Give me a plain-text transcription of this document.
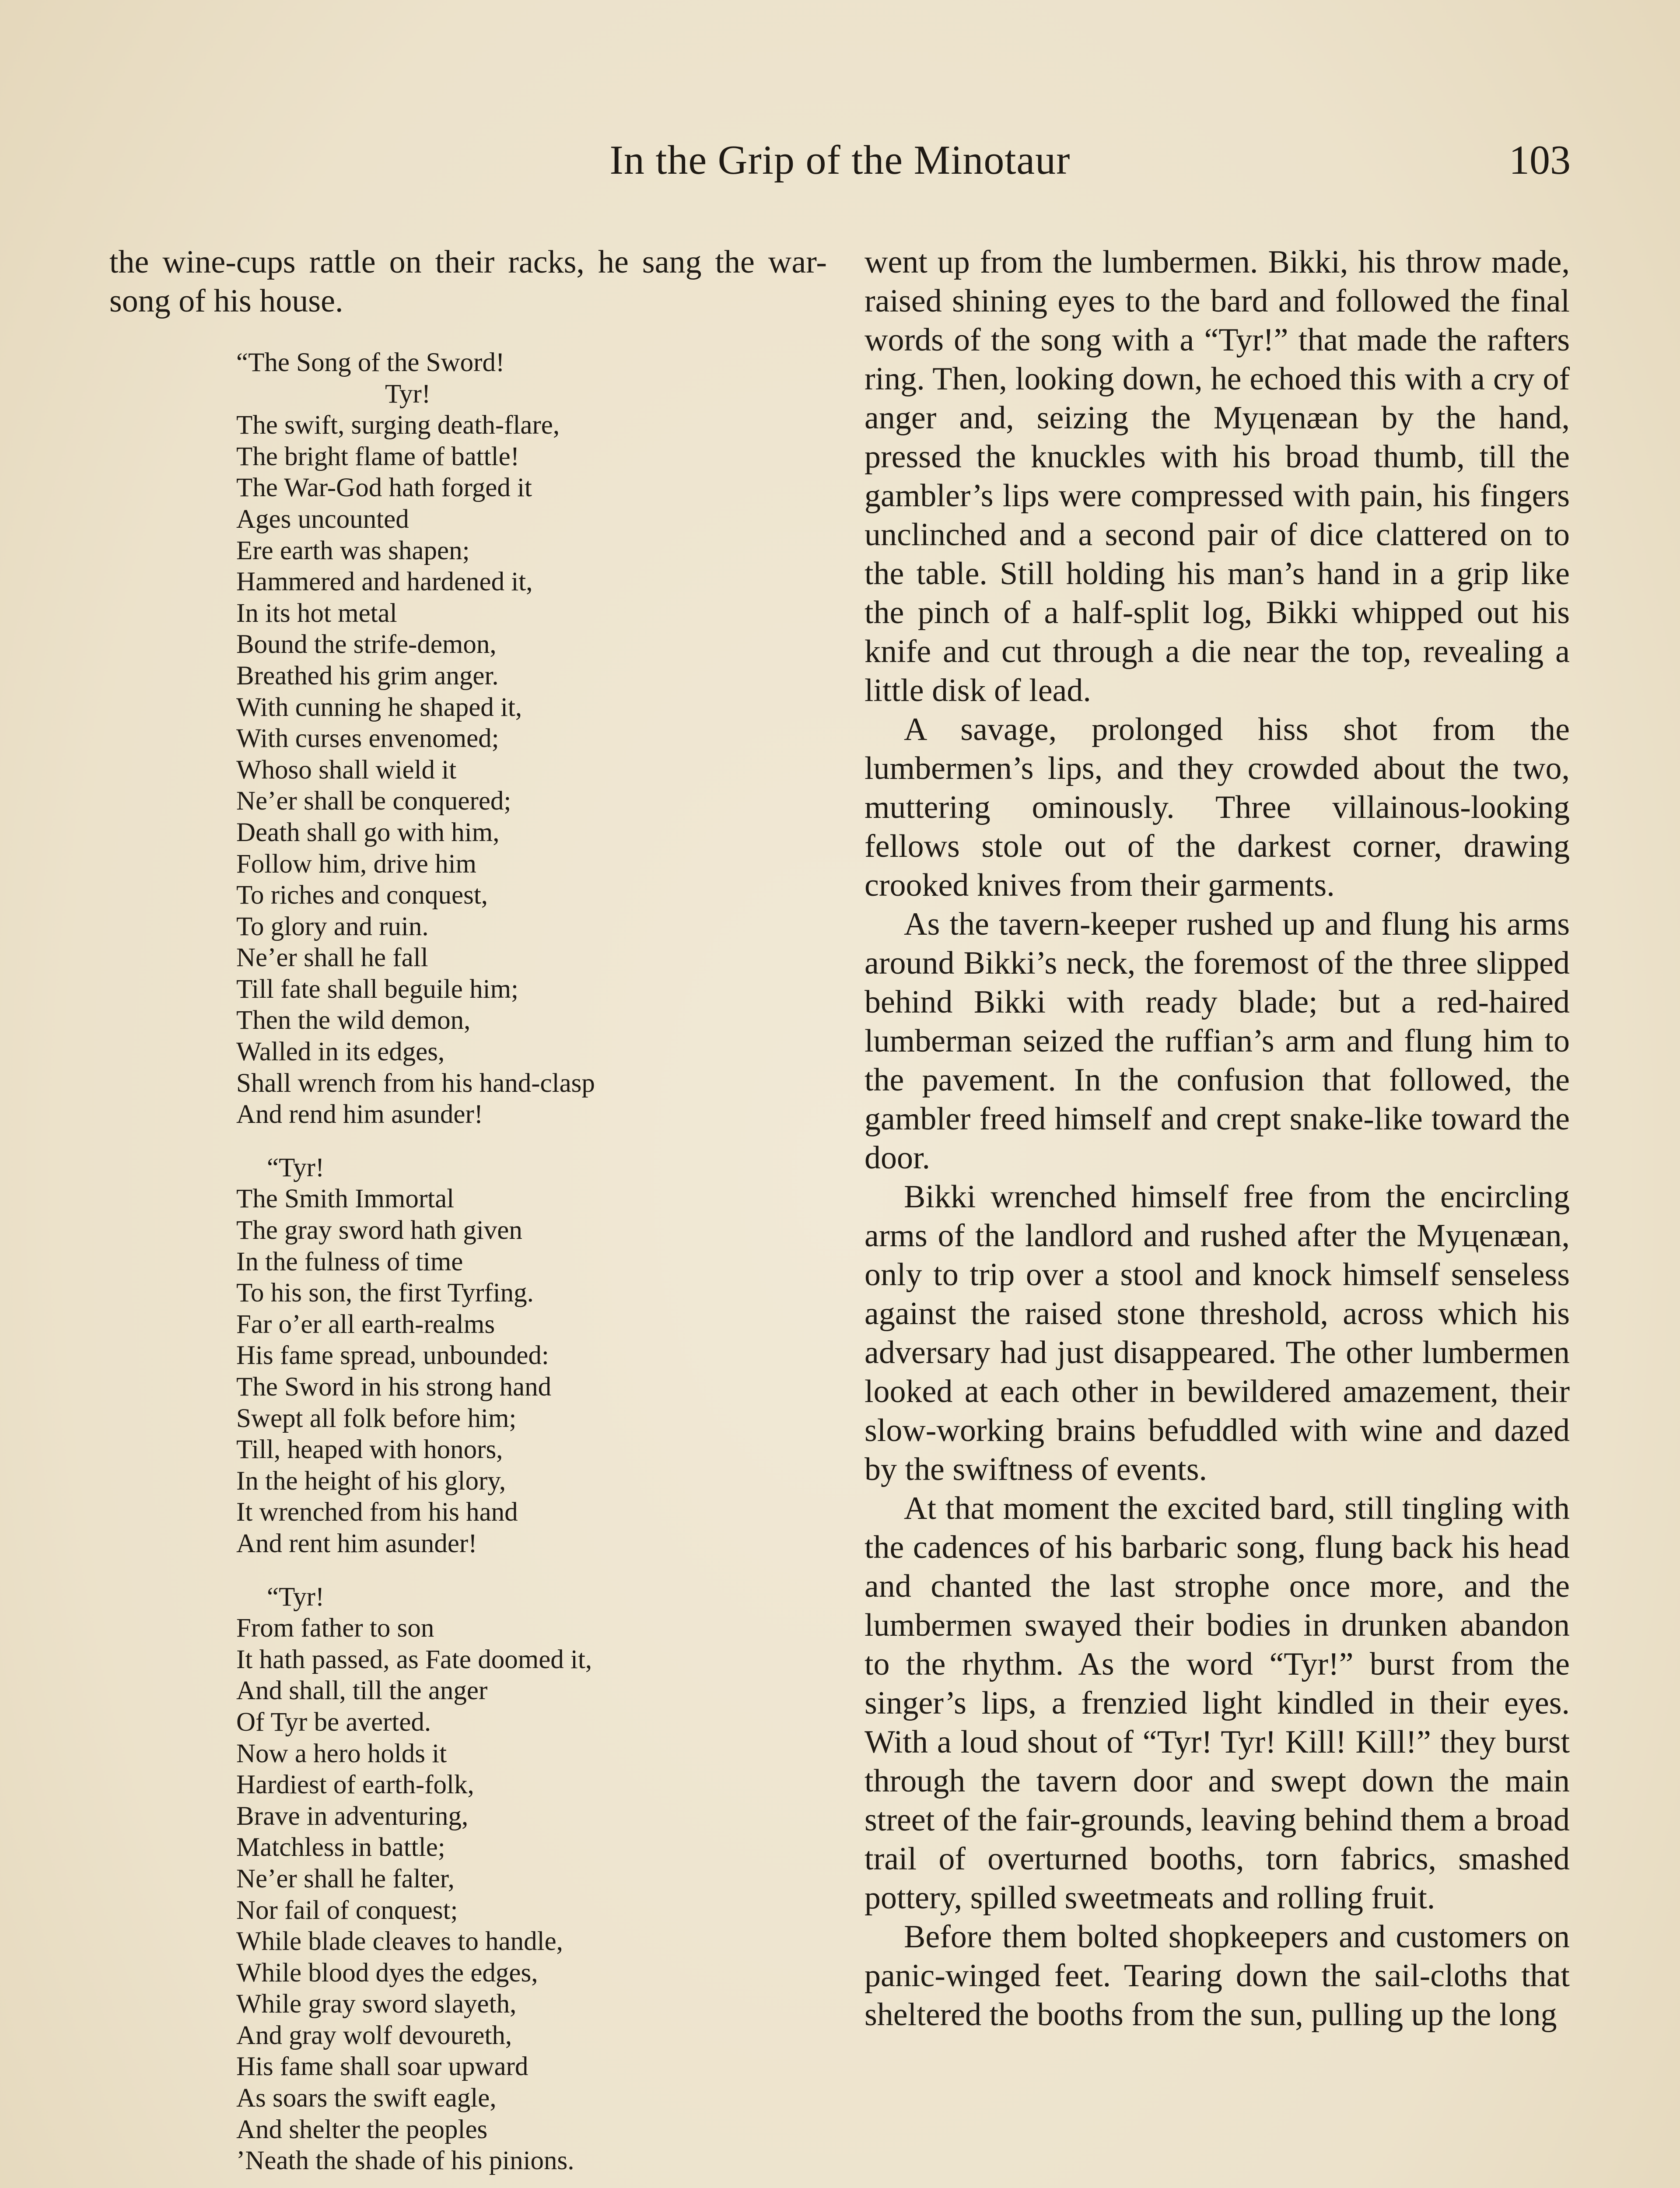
In the Grip of the Minotaur	103

the wine-cups rattle on their racks, he sang the war-song of his house.

“The Song of the Sword!
Tyr!
The swift, surging death-flare,
The bright flame of battle!
The War-God hath forged it
Ages uncounted
Ere earth was shapen;
Hammered and hardened it,
In its hot metal
Bound the strife-demon,
Breathed his grim anger.
With cunning he shaped it,
With curses envenomed;
Whoso shall wield it
Ne’er shall be conquered;
Death shall go with him,
Follow him, drive him
To riches and conquest,
To glory and ruin.
Ne’er shall he fall
Till fate shall beguile him;
Then the wild demon,
Walled in its edges,
Shall wrench from his hand-clasp
And rend him asunder!
“Tyr!
The Smith Immortal
The gray sword hath given
In the fulness of time
To his son, the first Tyrfing.
Far o’er all earth-realms
His fame spread, unbounded:
The Sword in his strong hand
Swept all folk before him;
Till, heaped with honors,
In the height of his glory,
It wrenched from his hand
And rent him asunder!
“Tyr!
From father to son
It hath passed, as Fate doomed it,
And shall, till the anger
Of Tyr be averted.
Now a hero holds it
Hardiest of earth-folk,
Brave in adventuring,
Matchless in battle;
Ne’er shall he falter,
Nor fail of conquest;
While blade cleaves to handle,
While blood dyes the edges,
While gray sword slayeth,
And gray wolf devoureth,
His fame shall soar upward
As soars the swift eagle,
And shelter the peoples
’Neath the shade of his pinions.

went up from the lumbermen. Bikki, his throw made, raised shining eyes to the bard and followed the final words of the song with a “Tyr!” that made the rafters ring. Then, looking down, he echoed this with a cry of anger and, seizing the Myцenæan by the hand, pressed the knuckles with his broad thumb, till the gambler’s lips were compressed with pain, his fingers unclinched and a second pair of dice clattered on to the table. Still holding his man’s hand in a grip like the pinch of a half-split log, Bikki whipped out his knife and cut through a die near the top, revealing a little disk of lead.

A savage, prolonged hiss shot from the lumbermen’s lips, and they crowded about the two, muttering ominously. Three villainous-looking fellows stole out of the darkest corner, drawing crooked knives from their garments.

As the tavern-keeper rushed up and flung his arms around Bikki’s neck, the foremost of the three slipped behind Bikki with ready blade; but a red-haired lumberman seized the ruffian’s arm and flung him to the pavement. In the confusion that followed, the gambler freed himself and crept snake-like toward the door.

Bikki wrenched himself free from the encircling arms of the landlord and rushed after the Myцenæan, only to trip over a stool and knock himself senseless against the raised stone threshold, across which his adversary had just disappeared. The other lumbermen looked at each other in bewildered amazement, their slow-working brains befuddled with wine and dazed by the swiftness of events.

At that moment the excited bard, still tingling with the cadences of his barbaric song, flung back his head and chanted the last strophe once more, and the lumbermen swayed their bodies in drunken abandon to the rhythm. As the word “Tyr!” burst from the singer’s lips, a frenzied light kindled in their eyes. With a loud shout of “Tyr! Tyr! Kill! Kill!” they burst through the tavern door and swept down the main street of the fair-grounds, leaving behind them a broad trail of overturned booths, torn fabrics, smashed pottery, spilled sweetmeats and rolling fruit.

Before them bolted shopkeepers and customers on panic-winged feet. Tearing down the sail-cloths that sheltered the booths from the sun, pulling up the long
